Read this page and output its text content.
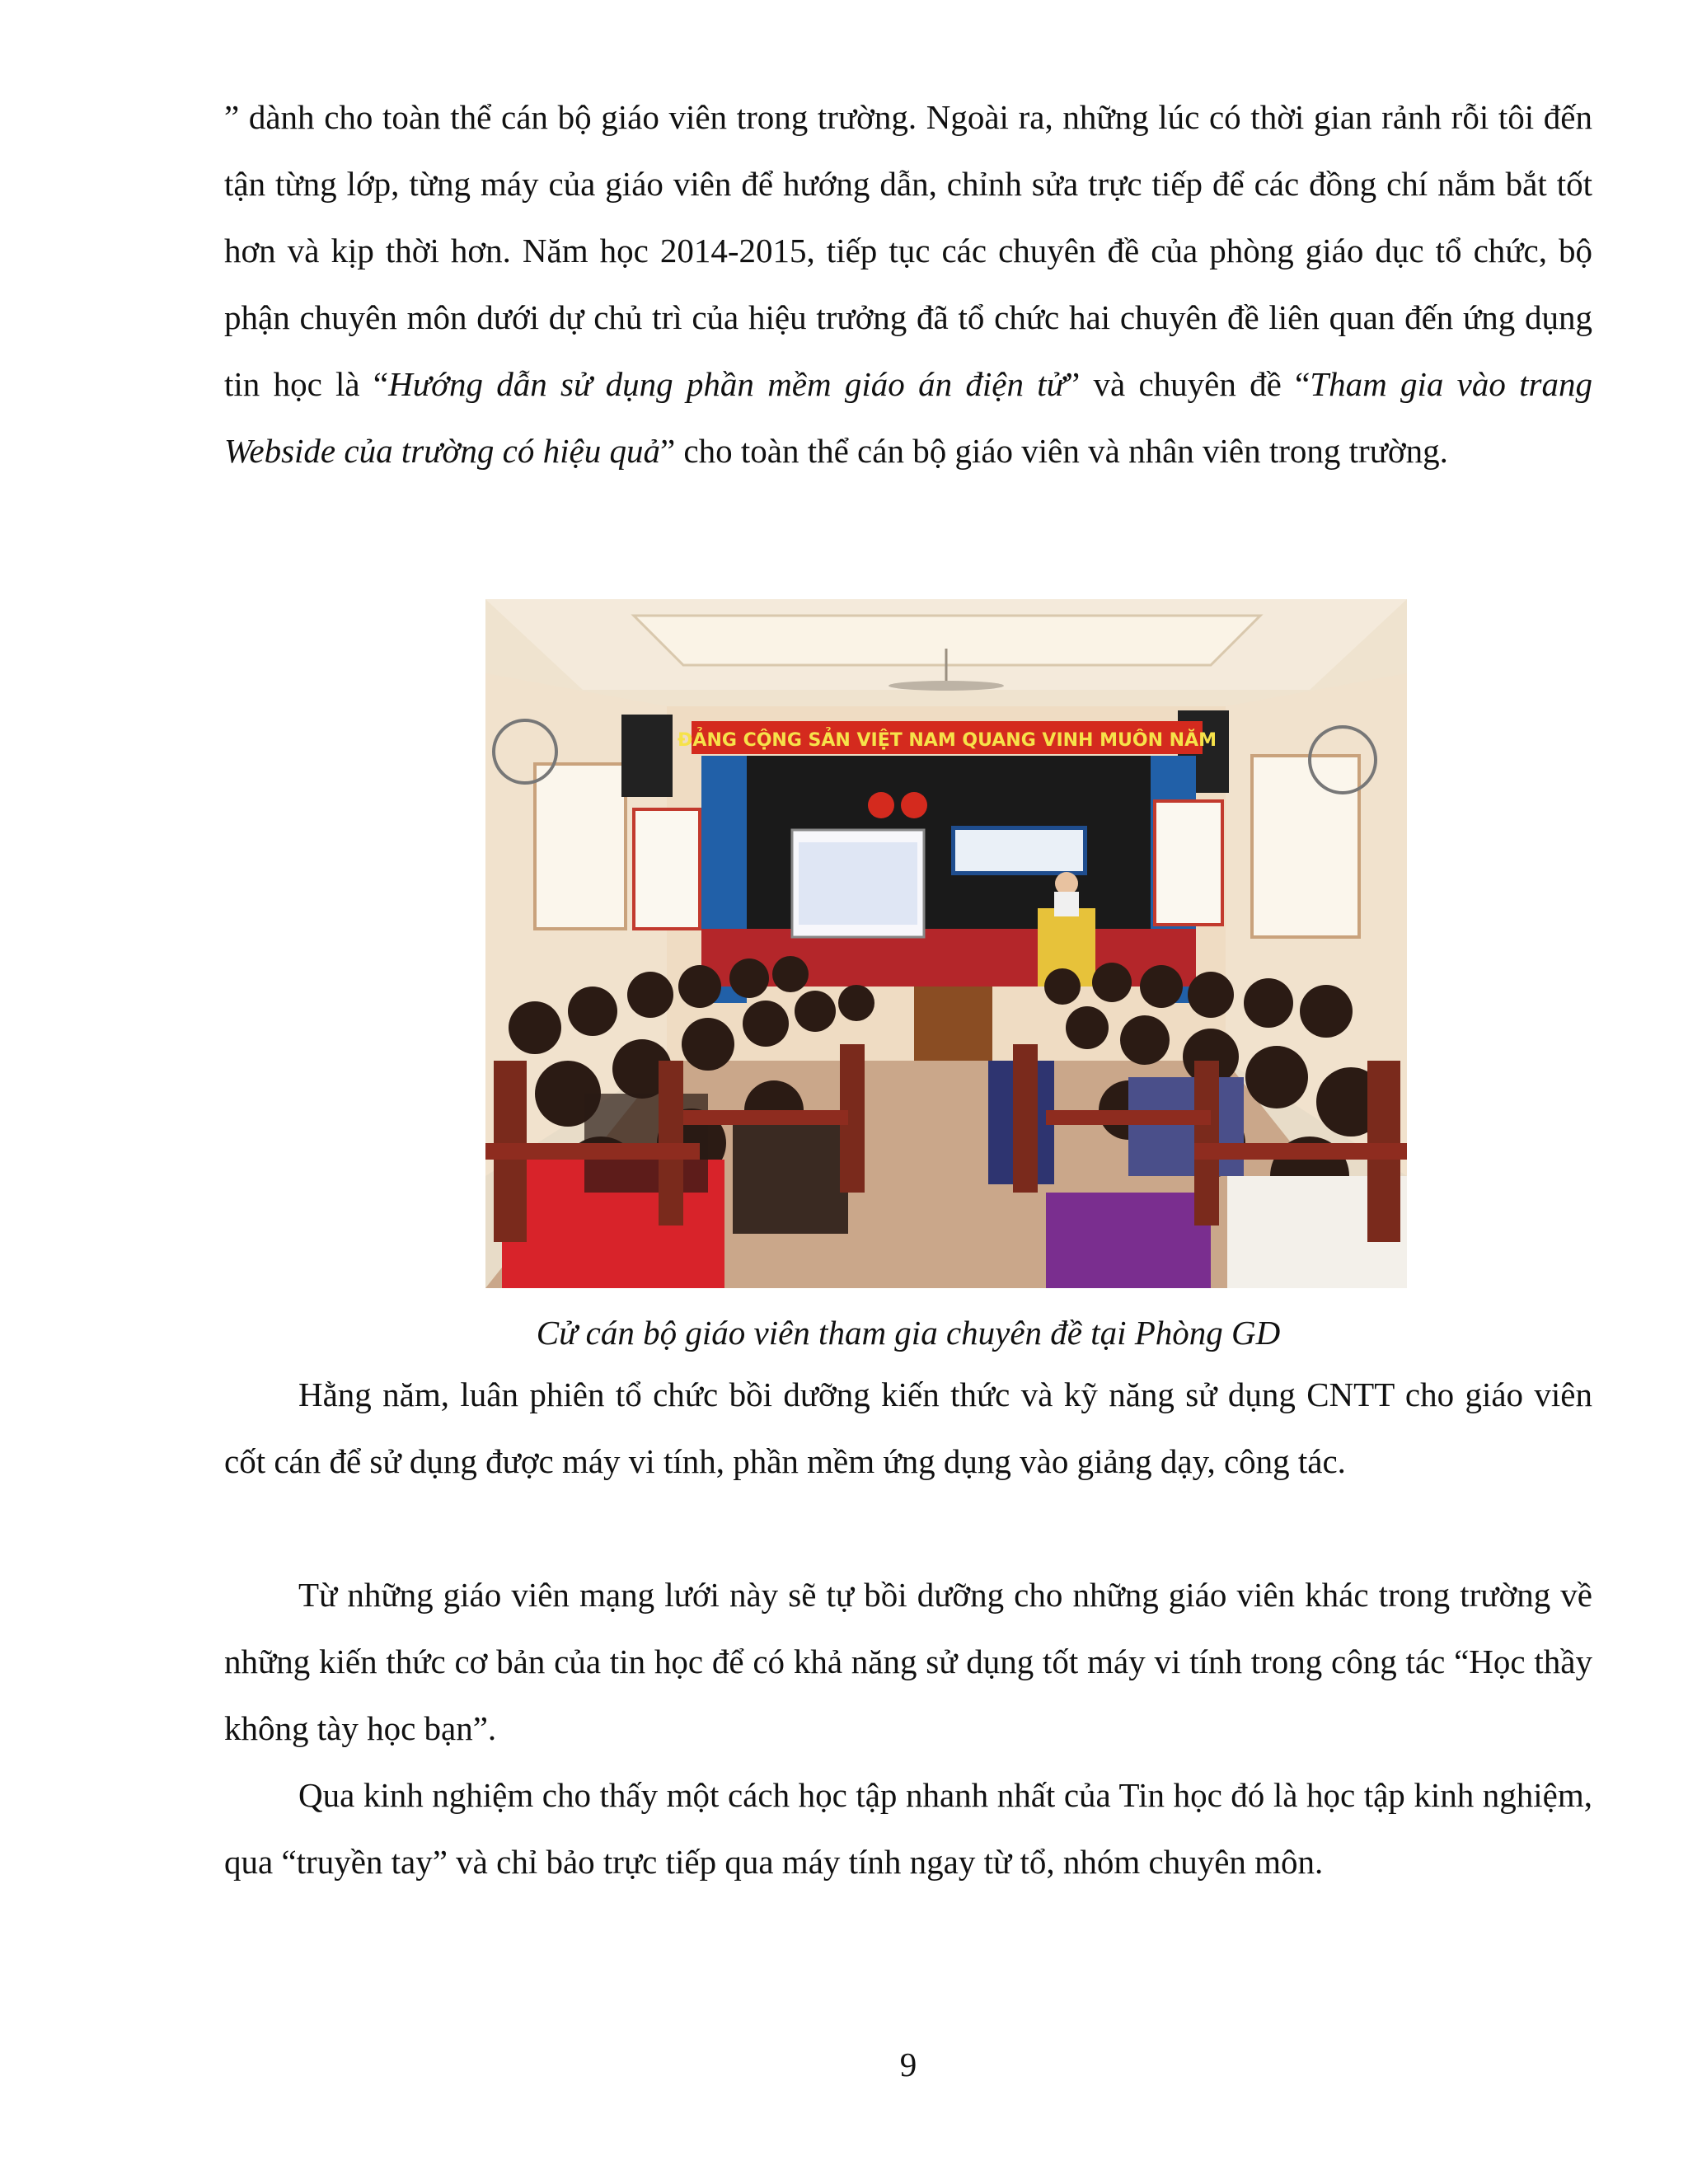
” dành cho toàn thể cán bộ giáo viên trong trường. Ngoài ra, những lúc có thời gian rảnh rỗi tôi đến tận từng lớp, từng máy của giáo viên để hướng dẫn, chỉnh sửa trực tiếp để các đồng chí nắm bắt tốt hơn và kịp thời hơn. Năm học 2014-2015, tiếp tục các chuyên đề của phòng giáo dục tổ chức, bộ phận chuyên môn dưới dự chủ trì của hiệu trưởng đã tổ chức hai chuyên đề liên quan đến ứng dụng tin học là “Hướng dẫn sử dụng phần mềm giáo án điện tử” và chuyên đề “Tham gia vào trang Webside của trường có hiệu quả” cho toàn thể cán bộ giáo viên và nhân viên trong trường.

ĐẢNG CỘNG SẢN VIỆT NAM QUANG VINH MUÔN NĂM
Cử cán bộ giáo viên tham gia chuyên đề tại Phòng GD

Hằng năm, luân phiên tổ chức bồi dưỡng kiến thức và kỹ năng sử dụng CNTT cho giáo viên cốt cán để sử dụng được máy vi tính, phần mềm ứng dụng vào giảng dạy, công tác.

Từ những giáo viên mạng lưới này sẽ tự bồi dưỡng cho những giáo viên khác trong trường về những kiến thức cơ bản của tin học để có khả năng sử dụng tốt máy vi tính trong công tác “Học thầy không tày học bạn”.

Qua kinh nghiệm cho thấy một cách học tập nhanh nhất của Tin học đó là học tập kinh nghiệm, qua “truyền tay” và chỉ bảo trực tiếp qua máy tính ngay từ tổ, nhóm chuyên môn.

9
